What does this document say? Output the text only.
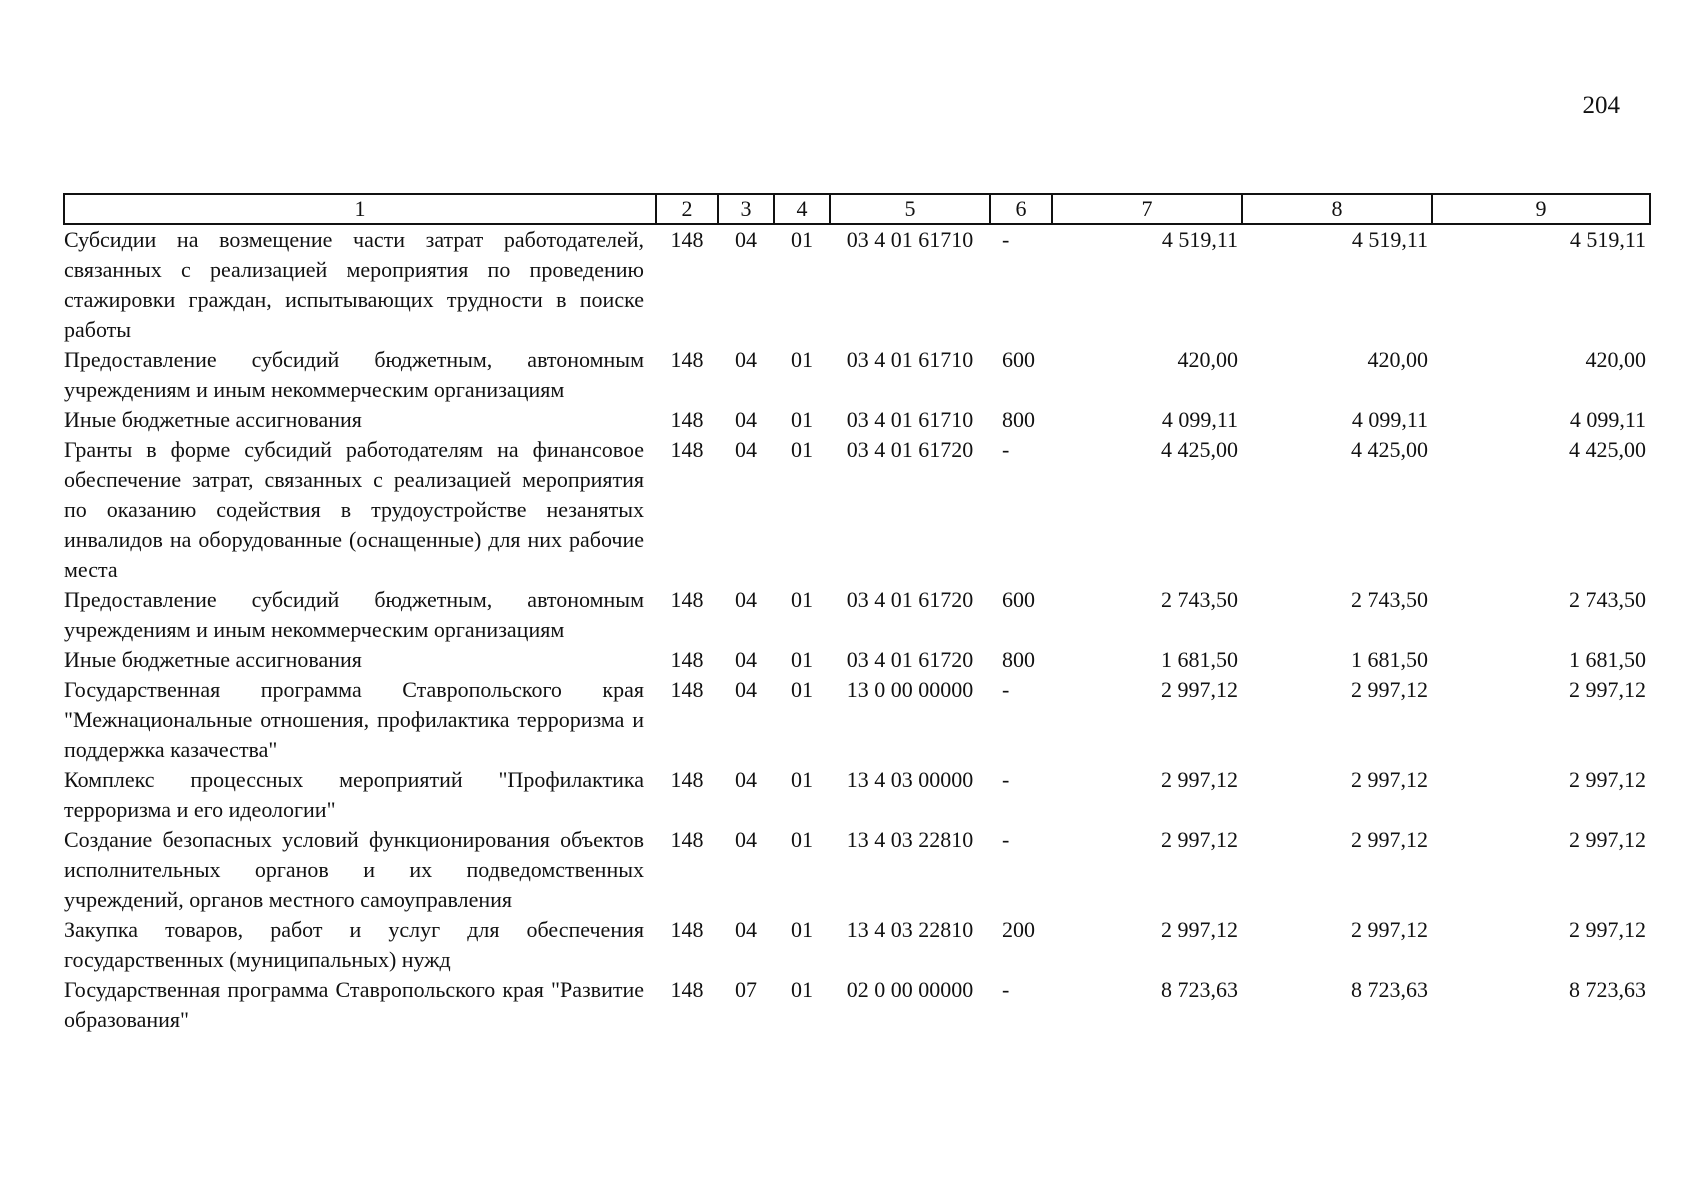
204
1	2	3	4	5	6	7	8	9
Субсидии на возмещение части затрат работодателей, связанных с реализацией мероприятия по проведению стажировки граждан, испытывающих трудности в поиске работы	148	04	01	03 4 01 61710	-	4 519,11	4 519,11	4 519,11
Предоставление субсидий бюджетным, автономным учреждениям и иным некоммерческим организациям	148	04	01	03 4 01 61710	600	420,00	420,00	420,00
Иные бюджетные ассигнования	148	04	01	03 4 01 61710	800	4 099,11	4 099,11	4 099,11
Гранты в форме субсидий работодателям на финансовое обеспечение затрат, связанных с реализацией мероприятия по оказанию содействия в трудоустройстве незанятых инвалидов на оборудованные (оснащенные) для них рабочие места	148	04	01	03 4 01 61720	-	4 425,00	4 425,00	4 425,00
Предоставление субсидий бюджетным, автономным учреждениям и иным некоммерческим организациям	148	04	01	03 4 01 61720	600	2 743,50	2 743,50	2 743,50
Иные бюджетные ассигнования	148	04	01	03 4 01 61720	800	1 681,50	1 681,50	1 681,50
Государственная программа Ставропольского края "Межнациональные отношения, профилактика терроризма и поддержка казачества"	148	04	01	13 0 00 00000	-	2 997,12	2 997,12	2 997,12
Комплекс процессных мероприятий "Профилактика терроризма и его идеологии"	148	04	01	13 4 03 00000	-	2 997,12	2 997,12	2 997,12
Создание безопасных условий функционирования объектов исполнительных органов и их подведомственных учреждений, органов местного самоуправления	148	04	01	13 4 03 22810	-	2 997,12	2 997,12	2 997,12
Закупка товаров, работ и услуг для обеспечения государственных (муниципальных) нужд	148	04	01	13 4 03 22810	200	2 997,12	2 997,12	2 997,12
Государственная программа Ставропольского края "Развитие образования"	148	07	01	02 0 00 00000	-	8 723,63	8 723,63	8 723,63
